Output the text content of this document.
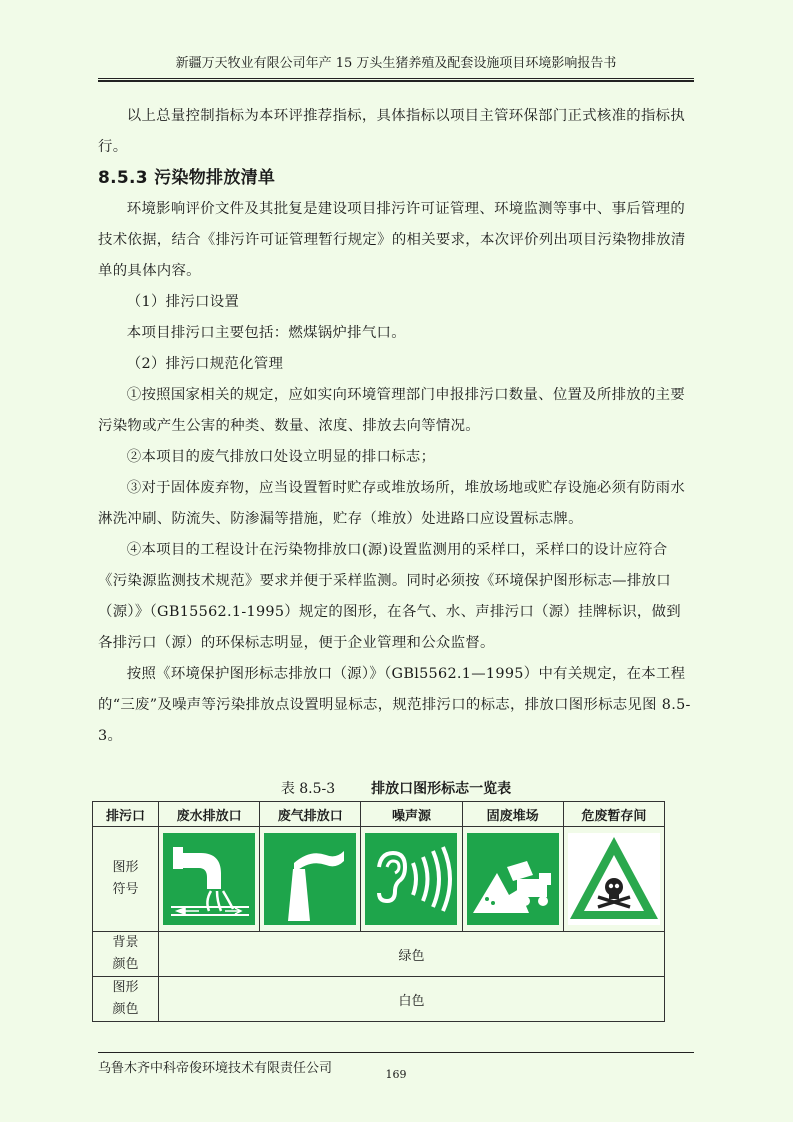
新疆万天牧业有限公司年产 15 万头生猪养殖及配套设施项目环境影响报告书

以上总量控制指标为本环评推荐指标，具体指标以项目主管环保部门正式核准的指标执行。

8.5.3 污染物排放清单

环境影响评价文件及其批复是建设项目排污许可证管理、环境监测等事中、事后管理的技术依据，结合《排污许可证管理暂行规定》的相关要求，本次评价列出项目污染物排放清单的具体内容。

（1）排污口设置

本项目排污口主要包括：燃煤锅炉排气口。

（2）排污口规范化管理

①按照国家相关的规定，应如实向环境管理部门申报排污口数量、位置及所排放的主要污染物或产生公害的种类、数量、浓度、排放去向等情况。

②本项目的废气排放口处设立明显的排口标志；

③对于固体废弃物，应当设置暂时贮存或堆放场所，堆放场地或贮存设施必须有防雨水淋洗冲刷、防流失、防渗漏等措施，贮存（堆放）处进路口应设置标志牌。

④本项目的工程设计在污染物排放口(源)设置监测用的采样口，采样口的设计应符合《污染源监测技术规范》要求并便于采样监测。同时必须按《环境保护图形标志—排放口（源）》（GB15562.1-1995）规定的图形，在各气、水、声排污口（源）挂牌标识，做到各排污口（源）的环保标志明显，便于企业管理和公众监督。

按照《环境保护图形标志排放口（源）》（GBl5562.1—1995）中有关规定，在本工程的“三废”及噪声等污染排放点设置明显标志，规范排污口的标志，排放口图形标志见图 8.5-3。

表 8.5-3	排放口图形标志一览表
排污口	废水排放口	废气排放口	噪声源	固废堆场	危废暂存间

图形
符号

背景
颜色	绿色				

图形
颜色	白色				
乌鲁木齐中科帝俊环境技术有限责任公司	169
